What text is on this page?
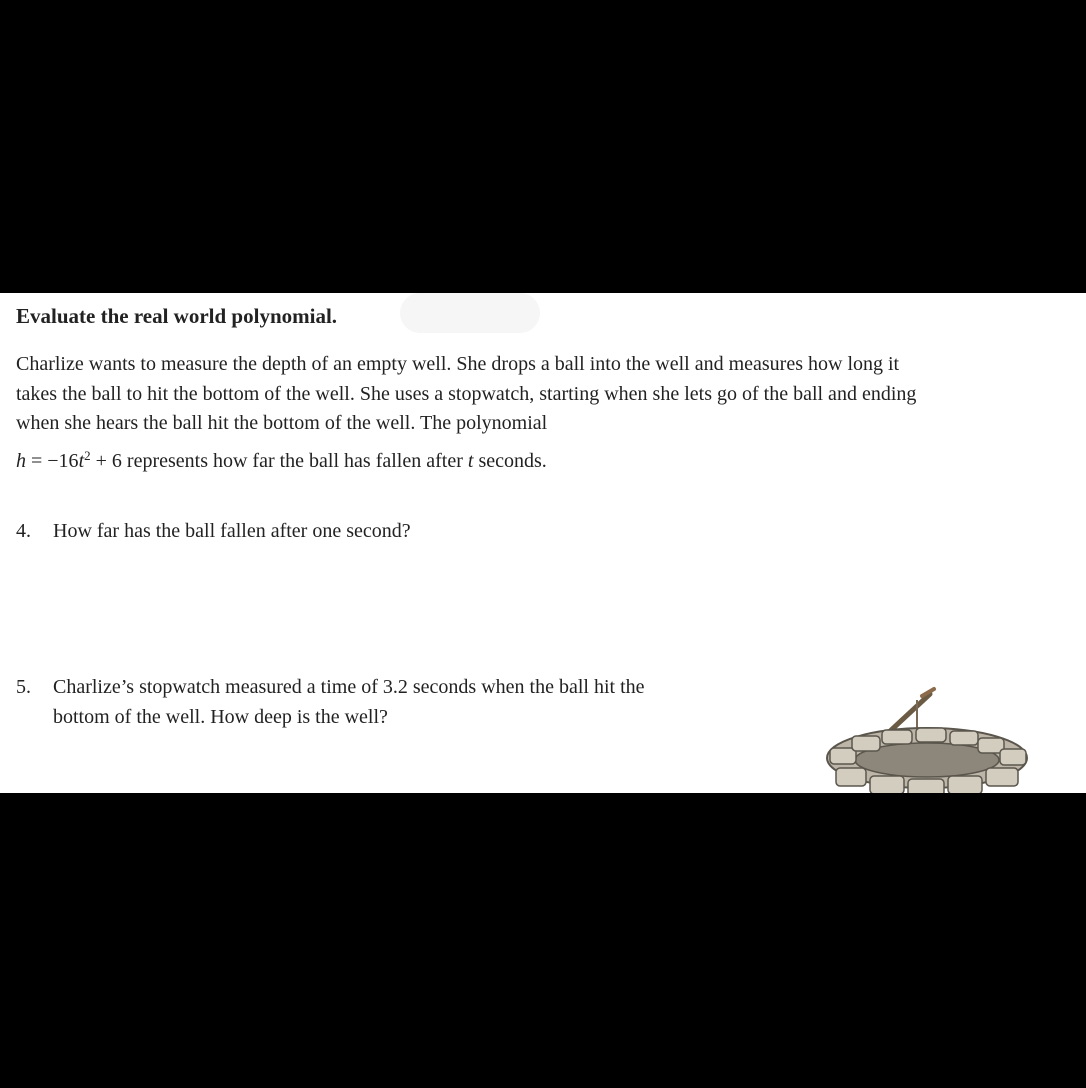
Evaluate the real world polynomial.
Charlize wants to measure the depth of an empty well. She drops a ball into the well and measures how long it
takes the ball to hit the bottom of the well. She uses a stopwatch, starting when she lets go of the ball and ending
when she hears the ball hit the bottom of the well. The polynomial
$h = -16t^2 + 6$ represents how far the ball has fallen after t seconds.
4. How far has the ball fallen after one second?
5. Charlize’s stopwatch measured a time of 3.2 seconds when the ball hit the
bottom of the well. How deep is the well?
